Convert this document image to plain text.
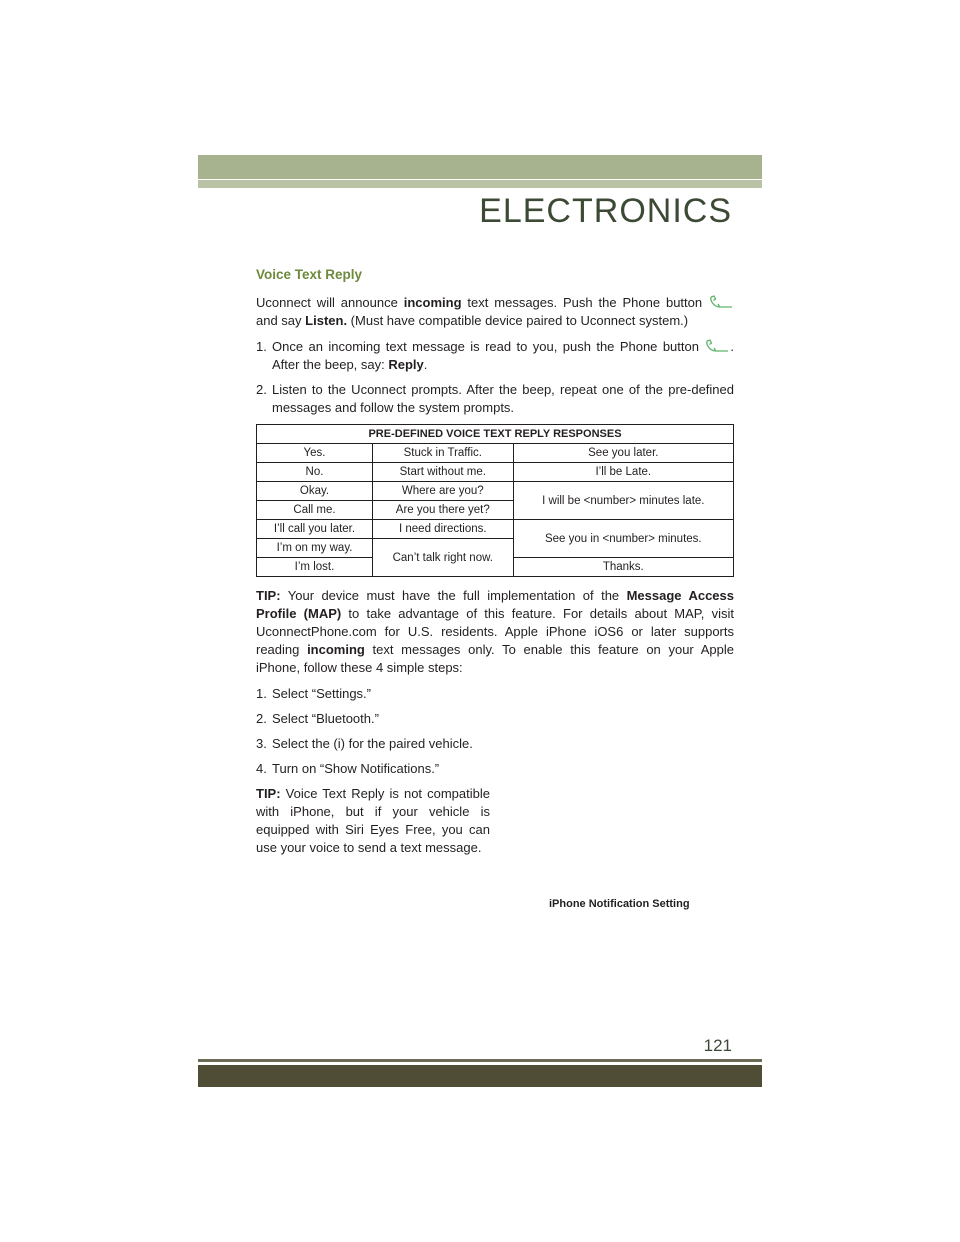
ELECTRONICS
Voice Text Reply

Uconnect will announce incoming text messages. Push the Phone button  and say Listen. (Must have compatible device paired to Uconnect system.)

1. Once an incoming text message is read to you, push the Phone button . After the beep, say: Reply.
2. Listen to the Uconnect prompts. After the beep, repeat one of the pre-defined messages and follow the system prompts.
PRE-DEFINED VOICE TEXT REPLY RESPONSES		
Yes.	Stuck in Traffic.	See you later.
No.	Start without me.	I’ll be Late.
Okay.	Where are you?	I will be <number> minutes late.
Call me.	Are you there yet?	
I’ll call you later.	I need directions.	See you in <number> minutes.
I’m on my way.	Can’t talk right now.	
I’m lost.		Thanks.

TIP: Your device must have the full implementation of the Message Access Profile (MAP) to take advantage of this feature. For details about MAP, visit UconnectPhone.com for U.S. residents. Apple iPhone iOS6 or later supports reading incoming text messages only. To enable this feature on your Apple iPhone, follow these 4 simple steps:

1. Select “Settings.”
2. Select “Bluetooth.”
3. Select the (i) for the paired vehicle.
4. Turn on “Show Notifications.”

TIP: Voice Text Reply is not compatible with iPhone, but if your vehicle is equipped with Siri Eyes Free, you can use your voice to send a text message.

iPhone Notification Setting
121
